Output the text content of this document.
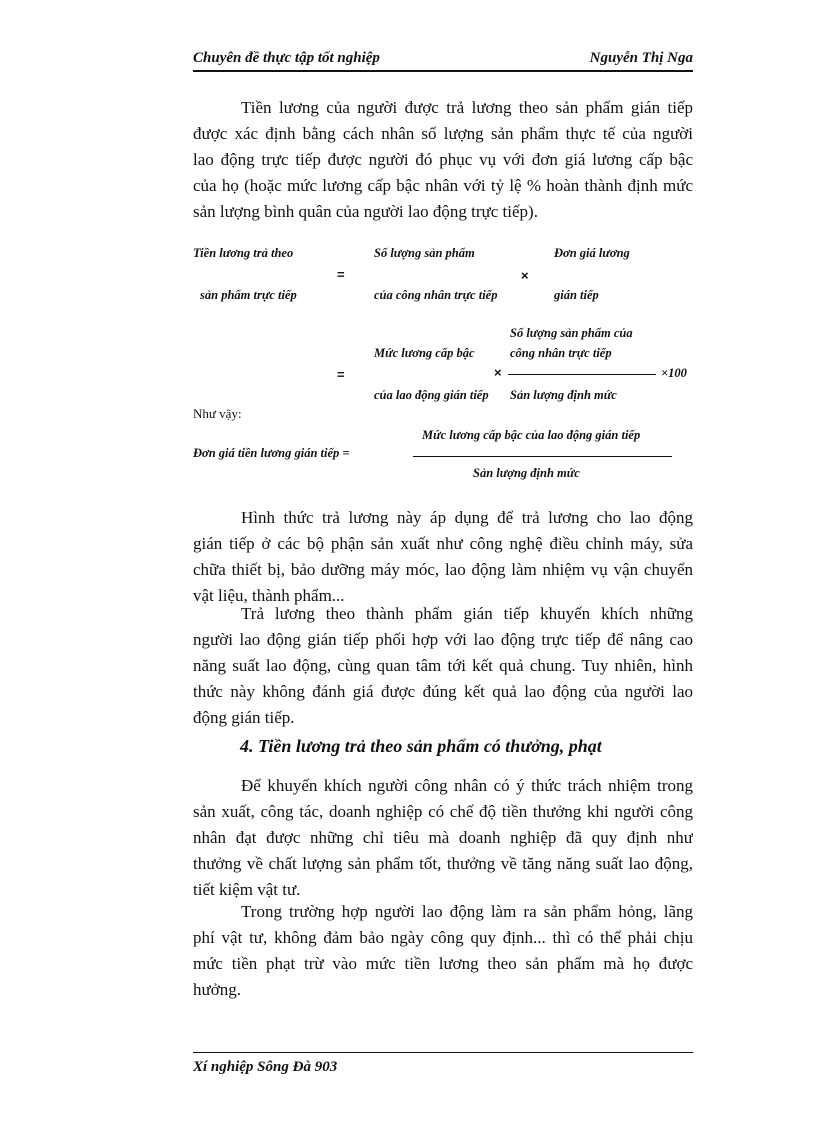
Chuyên đề thực tập tốt nghiệp	Nguyễn Thị Nga
Tiền lương của người được trả lương theo sản phẩm gián tiếp
được xác định bằng cách nhân số lượng sản phẩm thực tế của người
lao động trực tiếp được người đó phục vụ với đơn giá lương cấp bậc
của họ (hoặc mức lương cấp bậc nhân với tỷ lệ % hoàn thành định mức
sản lượng bình quân của người lao động trực tiếp).
Tiền lương trả theo
sản phẩm trực tiếp
=
Số lượng sản phẩm
của công nhân trực tiếp
×
Đơn giá lương
gián tiếp
=
Mức lương cấp bậc
của lao động gián tiếp
×
Số lượng sản phẩm của
công nhân trực tiếp
Sản lượng định mức
×100
Như vậy:
Đơn giá tiền lương gián tiếp =
Mức lương cấp bậc của lao động gián tiếp
Sản lượng định mức
Hình thức trả lương này áp dụng để trả lương cho lao động
gián tiếp ở các bộ phận sản xuất như công nghệ điều chỉnh máy, sửa
chữa thiết bị, bảo dưỡng máy móc, lao động làm nhiệm vụ vận chuyển
vật liệu, thành phẩm...
Trả lương theo thành phẩm gián tiếp khuyến khích những
người lao động gián tiếp phối hợp với lao động trực tiếp để nâng cao
năng suất lao động, cùng quan tâm tới kết quả chung. Tuy nhiên, hình
thức này không đánh giá được đúng kết quả lao động của người lao
động gián tiếp.
4. Tiền lương trả theo sản phẩm có thưởng, phạt
Để khuyến khích người công nhân có ý thức trách nhiệm trong
sản xuất, công tác, doanh nghiệp có chế độ tiền thưởng khi người công
nhân đạt được những chỉ tiêu mà doanh nghiệp đã quy định như
thưởng về chất lượng sản phẩm tốt, thưởng về tăng năng suất lao động,
tiết kiệm vật tư.
Trong trường hợp người lao động làm ra sản phẩm hỏng, lãng
phí vật tư, không đảm bảo ngày công quy định... thì có thể phải chịu
mức tiền phạt trừ vào mức tiền lương theo sản phẩm mà họ được
hưởng.
Xí nghiệp Sông Đà 903
